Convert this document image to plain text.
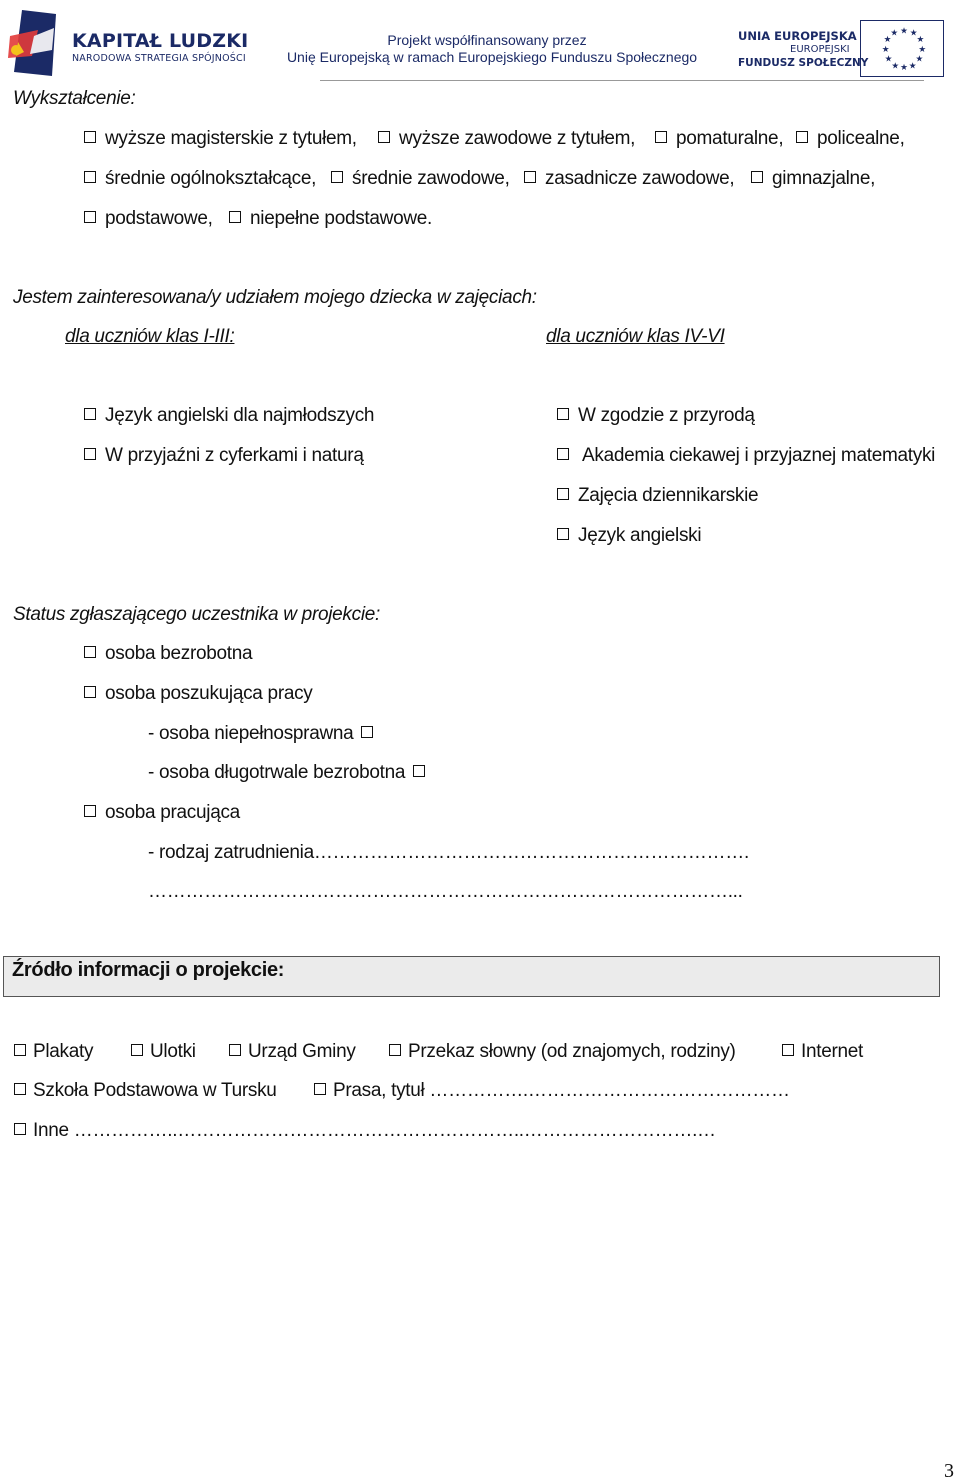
KAPITAŁ LUDZKI
NARODOWA STRATEGIA SPÓJNOŚCI
Projekt współfinansowany przez
Unię Europejską w ramach Europejskiego Funduszu Społecznego
UNIA EUROPEJSKA
EUROPEJSKI
FUNDUSZ SPOŁECZNY
★ ★
★
★
★
★
★
★
★
★
★
★
Wykształcenie:
wyższe magisterskie z tytułem,	wyższe zawodowe z tytułem,	pomaturalne,	policealne,
średnie ogólnokształcące,	średnie zawodowe,	zasadnicze zawodowe,	gimnazjalne,
podstawowe,	niepełne podstawowe.
Jestem zainteresowana/y udziałem mojego dziecka w zajęciach:
dla uczniów klas I-III:	dla uczniów klas IV-VI
Język angielski dla najmłodszych
W przyjaźni z cyferkami i naturą
W zgodzie z przyrodą
Akademia ciekawej i przyjaznej matematyki
Zajęcia dziennikarskie
Język angielski
Status zgłaszającego uczestnika w projekcie:
osoba bezrobotna
osoba poszukująca pracy
- osoba niepełnosprawna
- osoba długotrwale bezrobotna
osoba pracująca
- rodzaj zatrudnienia…………………………………………………………….
…………………………………………………………………………………...
Źródło informacji o projekcie:
Plakaty	Ulotki	Urząd Gminy	Przekaz słowny (od znajomych, rodziny)	Internet
Szkoła Podstawowa w Tursku	Prasa, tytuł …………….……………………………………
Inne ……………..………………………………………………..……………………….…
3
